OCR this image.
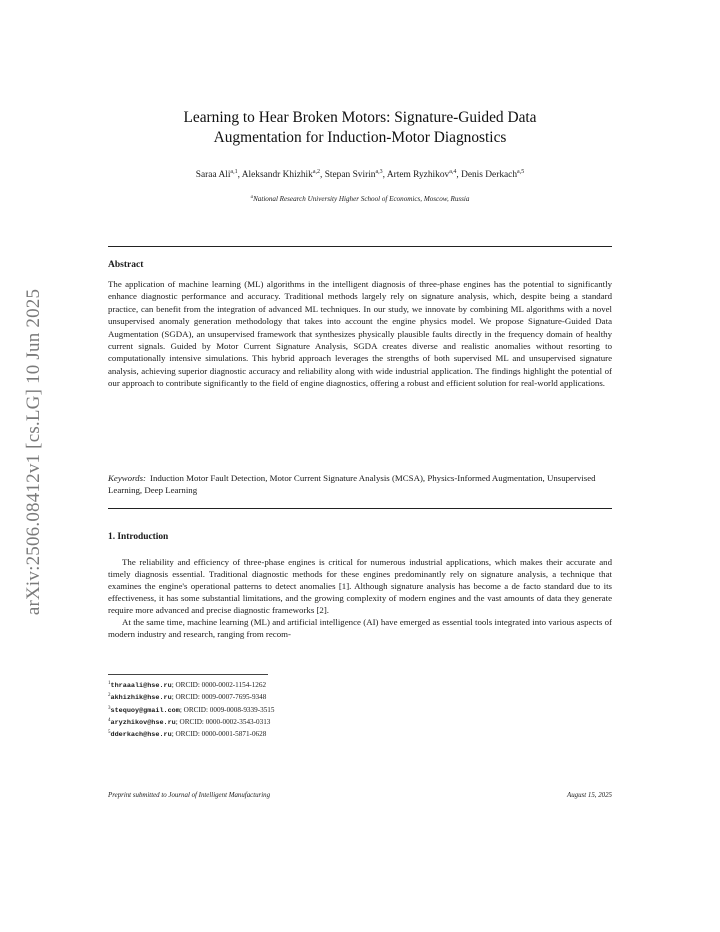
arXiv:2506.08412v1 [cs.LG] 10 Jun 2025
Learning to Hear Broken Motors: Signature-Guided Data
Augmentation for Induction-Motor Diagnostics
Saraa Ali$^{a,1}$, Aleksandr Khizhik$^{a,2}$, Stepan Svirin$^{a,3}$, Artem Ryzhikov$^{a,4}$, Denis Derkach$^{a,5}$
$^a$National Research University Higher School of Economics, Moscow, Russia
Abstract
The application of machine learning (ML) algorithms in the intelligent diagnosis of three-phase engines has the potential to significantly enhance diagnostic performance and accuracy. Traditional methods largely rely on signature analysis, which, despite being a standard practice, can benefit from the integration of advanced ML techniques. In our study, we innovate by combining ML algorithms with a novel unsupervised anomaly generation methodology that takes into account the engine physics model. We propose Signature-Guided Data Augmentation (SGDA), an unsupervised framework that synthesizes physically plausible faults directly in the frequency domain of healthy current signals. Guided by Motor Current Signature Analysis, SGDA creates diverse and realistic anomalies without resorting to computationally intensive simulations. This hybrid approach leverages the strengths of both supervised ML and unsupervised signature analysis, achieving superior diagnostic accuracy and reliability along with wide industrial application. The findings highlight the potential of our approach to contribute significantly to the field of engine diagnostics, offering a robust and efficient solution for real-world applications.
Keywords: Induction Motor Fault Detection, Motor Current Signature Analysis (MCSA), Physics-Informed Augmentation, Unsupervised Learning, Deep Learning
1. Introduction

The reliability and efficiency of three-phase engines is critical for numerous industrial applications, which makes their accurate and timely diagnosis essential. Traditional diagnostic methods for these engines predominantly rely on signature analysis, a technique that examines the engine's operational patterns to detect anomalies [1]. Although signature analysis has become a de facto standard due to its effectiveness, it has some substantial limitations, and the growing complexity of modern engines and the vast amounts of data they generate require more advanced and precise diagnostic frameworks [2].

At the same time, machine learning (ML) and artificial intelligence (AI) have emerged as essential tools integrated into various aspects of modern industry and research, ranging from recom-

$^1$thraaali@hse.ru; ORCID: 0000-0002-1154-1262
$^2$akhizhik@hse.ru; ORCID: 0009-0007-7695-9348
$^3$stequoy@gmail.com; ORCID: 0009-0008-9339-3515
$^4$aryzhikov@hse.ru; ORCID: 0000-0002-3543-0313
$^5$dderkach@hse.ru; ORCID: 0000-0001-5871-0628
Preprint submitted to Journal of Intelligent Manufacturing	August 15, 2025
